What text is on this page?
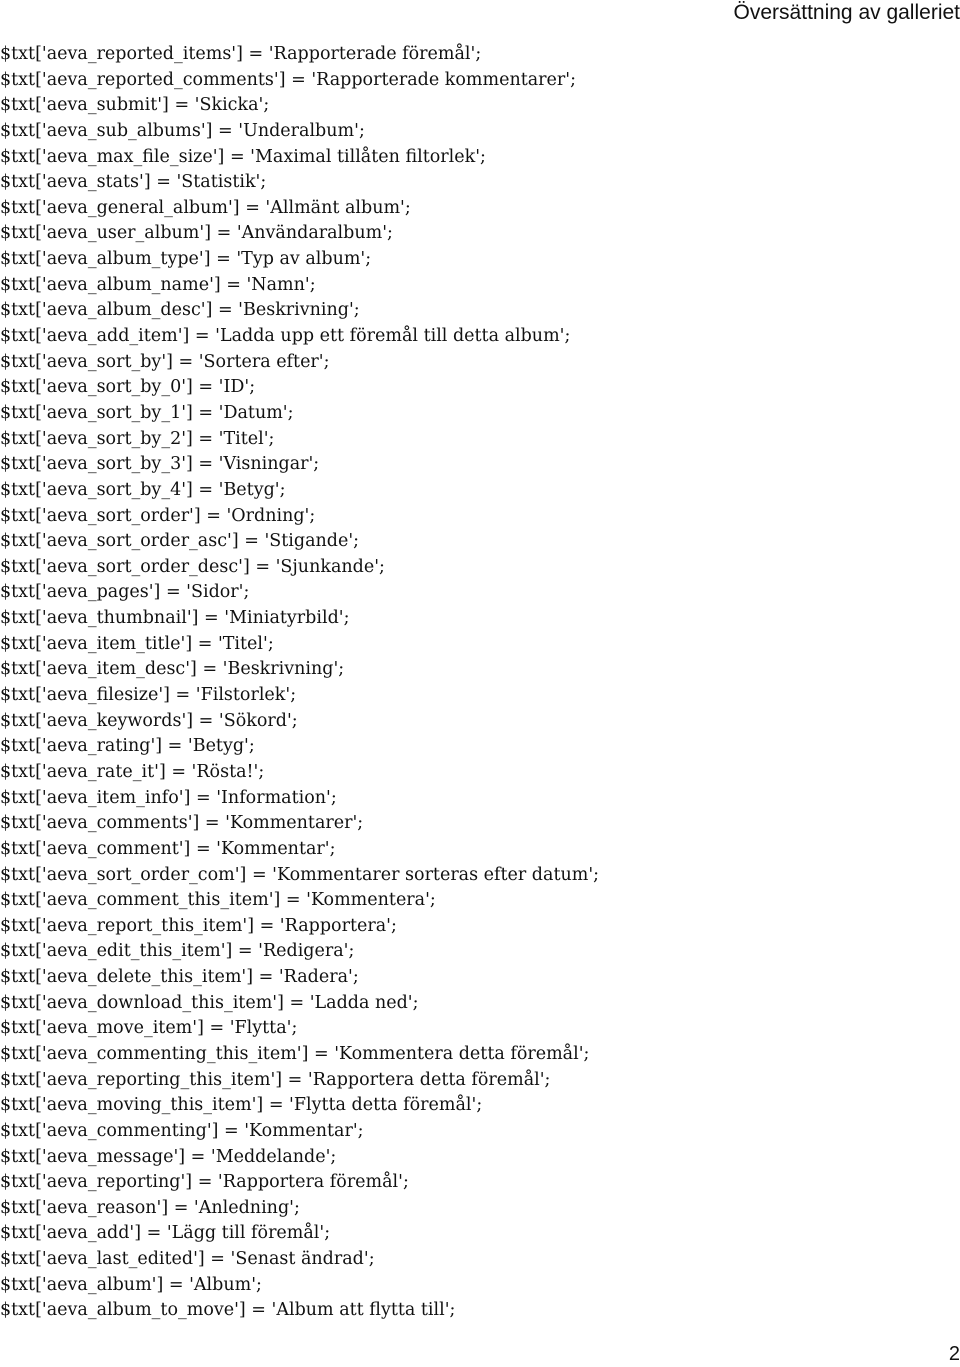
Översättning av galleriet
$txt['aeva_reported_items'] = 'Rapporterade föremål';
$txt['aeva_reported_comments'] = 'Rapporterade kommentarer';
$txt['aeva_submit'] = 'Skicka';
$txt['aeva_sub_albums'] = 'Underalbum';
$txt['aeva_max_file_size'] = 'Maximal tillåten filtorlek';
$txt['aeva_stats'] = 'Statistik';
$txt['aeva_general_album'] = 'Allmänt album';
$txt['aeva_user_album'] = 'Användaralbum';
$txt['aeva_album_type'] = 'Typ av album';
$txt['aeva_album_name'] = 'Namn';
$txt['aeva_album_desc'] = 'Beskrivning';
$txt['aeva_add_item'] = 'Ladda upp ett föremål till detta album';
$txt['aeva_sort_by'] = 'Sortera efter';
$txt['aeva_sort_by_0'] = 'ID';
$txt['aeva_sort_by_1'] = 'Datum';
$txt['aeva_sort_by_2'] = 'Titel';
$txt['aeva_sort_by_3'] = 'Visningar';
$txt['aeva_sort_by_4'] = 'Betyg';
$txt['aeva_sort_order'] = 'Ordning';
$txt['aeva_sort_order_asc'] = 'Stigande';
$txt['aeva_sort_order_desc'] = 'Sjunkande';
$txt['aeva_pages'] = 'Sidor';
$txt['aeva_thumbnail'] = 'Miniatyrbild';
$txt['aeva_item_title'] = 'Titel';
$txt['aeva_item_desc'] = 'Beskrivning';
$txt['aeva_filesize'] = 'Filstorlek';
$txt['aeva_keywords'] = 'Sökord';
$txt['aeva_rating'] = 'Betyg';
$txt['aeva_rate_it'] = 'Rösta!';
$txt['aeva_item_info'] = 'Information';
$txt['aeva_comments'] = 'Kommentarer';
$txt['aeva_comment'] = 'Kommentar';
$txt['aeva_sort_order_com'] = 'Kommentarer sorteras efter datum';
$txt['aeva_comment_this_item'] = 'Kommentera';
$txt['aeva_report_this_item'] = 'Rapportera';
$txt['aeva_edit_this_item'] = 'Redigera';
$txt['aeva_delete_this_item'] = 'Radera';
$txt['aeva_download_this_item'] = 'Ladda ned';
$txt['aeva_move_item'] = 'Flytta';
$txt['aeva_commenting_this_item'] = 'Kommentera detta föremål';
$txt['aeva_reporting_this_item'] = 'Rapportera detta föremål';
$txt['aeva_moving_this_item'] = 'Flytta detta föremål';
$txt['aeva_commenting'] = 'Kommentar';
$txt['aeva_message'] = 'Meddelande';
$txt['aeva_reporting'] = 'Rapportera föremål';
$txt['aeva_reason'] = 'Anledning';
$txt['aeva_add'] = 'Lägg till föremål';
$txt['aeva_last_edited'] = 'Senast ändrad';
$txt['aeva_album'] = 'Album';
$txt['aeva_album_to_move'] = 'Album att flytta till';
2
